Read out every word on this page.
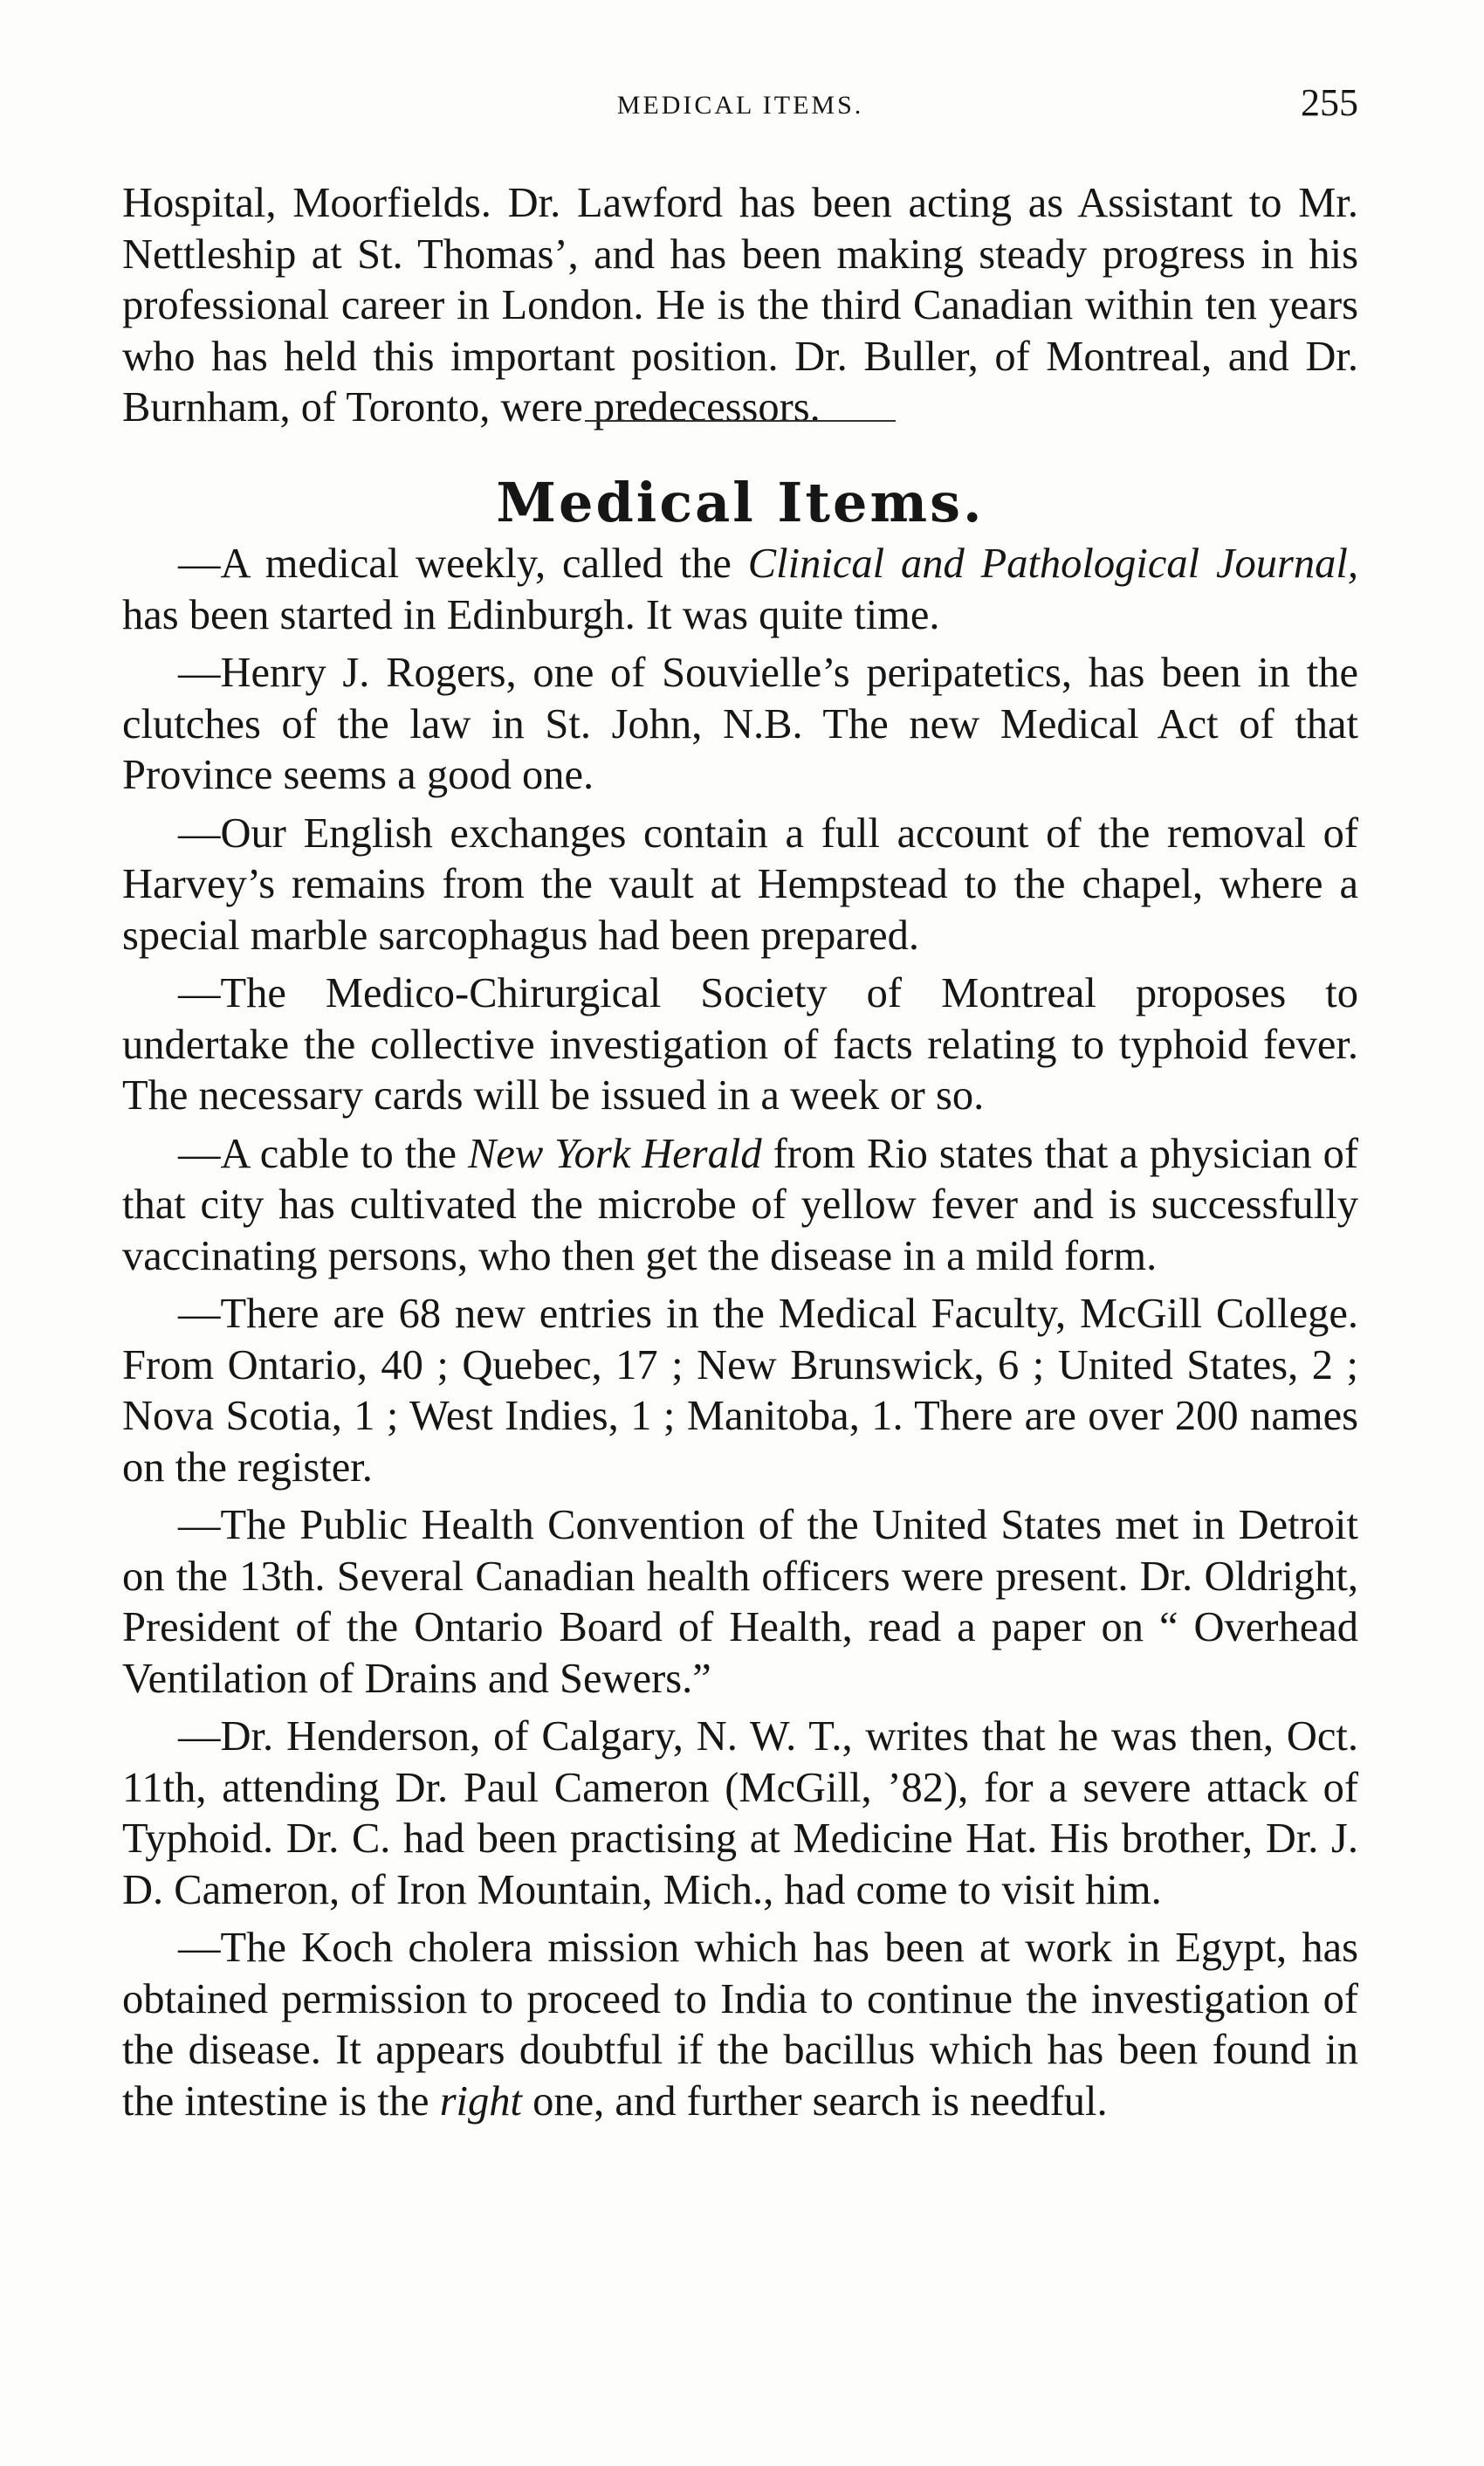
MEDICAL ITEMS.	255

Hospital, Moorfields. Dr. Lawford has been acting as Assistant to Mr. Nettleship at St. Thomas’, and has been making steady progress in his professional career in London. He is the third Canadian within ten years who has held this important position. Dr. Buller, of Montreal, and Dr. Burnham, of Toronto, were predecessors.

Medical Items.

—A medical weekly, called the Clinical and Pathological Journal, has been started in Edinburgh. It was quite time.

—Henry J. Rogers, one of Souvielle’s peripatetics, has been in the clutches of the law in St. John, N.B. The new Medical Act of that Province seems a good one.

—Our English exchanges contain a full account of the removal of Harvey’s remains from the vault at Hempstead to the chapel, where a special marble sarcophagus had been prepared.

—The Medico-Chirurgical Society of Montreal proposes to undertake the collective investigation of facts relating to typhoid fever. The necessary cards will be issued in a week or so.

—A cable to the New York Herald from Rio states that a physician of that city has cultivated the microbe of yellow fever and is successfully vaccinating persons, who then get the disease in a mild form.

—There are 68 new entries in the Medical Faculty, McGill College. From Ontario, 40 ; Quebec, 17 ; New Brunswick, 6 ; United States, 2 ; Nova Scotia, 1 ; West Indies, 1 ; Manitoba, 1. There are over 200 names on the register.

—The Public Health Convention of the United States met in Detroit on the 13th. Several Canadian health officers were present. Dr. Oldright, President of the Ontario Board of Health, read a paper on “ Overhead Ventilation of Drains and Sewers.”

—Dr. Henderson, of Calgary, N. W. T., writes that he was then, Oct. 11th, attending Dr. Paul Cameron (McGill, ’82), for a severe attack of Typhoid. Dr. C. had been practising at Medicine Hat. His brother, Dr. J. D. Cameron, of Iron Mountain, Mich., had come to visit him.

—The Koch cholera mission which has been at work in Egypt, has obtained permission to proceed to India to continue the investigation of the disease. It appears doubtful if the bacillus which has been found in the intestine is the right one, and further search is needful.
